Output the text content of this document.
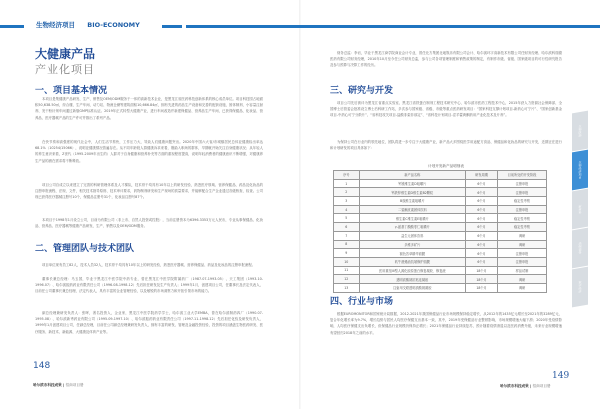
生物经济项目 BIO-ECONOMY
大健康产品
产业化项目
一、项目基本情况
本项目是集健康产品研发、生产、销售及OEM/ODM服务于一体的高新技术企业，是黑龙江省医药科技创新体系的核心成员单位。项目科技园占地面积50,638.50㎡，综合楼、生产车间、动力站、物流仓储等建筑面积10,666.84㎡，拥有先进的药品生产设备和完善的配套设施，固体制剂、小容量注射剂、发干粉针剂车间通过新版GMP标准认证。2019年正式转型大健康产业，进行车间改造并新建保健品、营养品生产车间，已获得保健品、化妆品、营养品、医疗器械产品的生产许可并推出了系列产品。
在快节奏和高强度的现代社会中，人们生活节奏快，工作压力大，导致人们健康问题突出。2020年中国六大省/市城镇居民总体亚健康检出率达68.1%（10254/15066），说明亚健康情况普遍存在。从不同年龄段人群健康诉求来看，刚踏入职场的群体，早期就开始关注自身健康状况；从年轻人的养生意识来看，Z世代（1995-2009年出生的）人群对于自身健康和营养补充等方面的重视程度提高，说明年轻消费者的健康意识不断增强，对健康养生产品的潜在需求将不断释放。
项目公司自成立以来建立了完善的科研管理体系及人才梯队，技术骨干均具有10年以上的研发经验，熟悉医疗领域、营养保健品、药品及化妆品的注册申报流程、法规、文件，相关技术指导原则、技术审评要求，药物制剂研发和生产现场的质量要求，并能够配合生产企业通过各级核查、检查。公司现已获得医疗器械注册号10个，保健品注册号31个，化妆品注册号87个。
本项目于1998年1月设立公司，目前为有限公司（非上市、自然人投资或控股），当前注册资本为6396.3353万元人民币，专业从事保健品、化妆品、营养品、医疗器械等健康产品研发、生产、销售以及OEM/ODM服务。
二、管理团队与技术团队
项目单位现有员工82人，技术人员32人，技术骨干均具有10年以上的研发经验，熟悉医疗器械、营养保健品、药品及化妆品的注册申报流程。
董事长兼总经理：马玉国，毕业于黑龙江中医学院中药专业，曾在黑龙江中医学院附属药厂（1987.07-1993.05）、天工集团（1993.10-1996.07）、哈尔滨振药药业有限责任公司（1996.08-1998.12）先后担任研发及生产负责人；1999年1月，创建项目公司，任董事长及法定代表人，目前任公司董事长兼总经理、法定代表人，具有丰富的企业管理经验，以及敏锐的市场洞察力和开拓引领市场的能力。
副总经理兼研发负责人：张晖，著名投资人，企业家，黑龙江中医学院药学学士，哈尔滨工业大学EMBA，曾在哈尔滨制药四厂（1990.07-1995.08）、哈尔滨新秀药业有限公司（1995.09-1997.10）、哈尔滨振药药业有限责任公司（1997.11-1998.12）先后担任化验及研发负责人，1999年1月创建项目公司，任副总经理，目前任公司副总经理兼研发负责人，拥有丰富的研发、管理及金融投资经验，投资的项目涵盖生物医药研发、医疗服务、新技术、新能源、大健康及体育产业等。
148
哈尔滨市科技成果 | 招商项目册
财务总监：李岩，毕业于黑龙江商学院商业会计专业，曾任北方集团北地娱乐有限公司会计、哈尔滨环宇高新技术有限公司任财务经理、哈尔滨科瑞德医药有限公司财务经理，2010年10月至今任公司财务总监，参与公司各项管理制度和销售政策的制定，有制作市级、省级、国家级项目的可行性研究报告及参与预算与决算工作的经历。
三、研究与开发
项目公司先后被评为黑龙江省重点实验室、黑龙江省铁蛋白制剂工程技术研究中心、哈尔滨市医药工程技术中心，2015年获人力资源社会保障部、全国博士后管委会批准设立博士后科研工作站，多次参与国家级、省级、市级等重点医药研发项目：“国家科技支撑计划项目-新药心可宁片”、“国家创新基金项目-中药心可宁分散片”、“省科技攻关项目-盐酸非索非那定”、“省科技计划项目-淫羊藿黄酮药用产业化技术及片剂”。
为保持公司在行业内的领先地位，团队将进一步专注于大健康产业，新产品大多围绕医学用途配方食品、保健品和化妆品的研究与开发，近期正在进行和计划研发的项目具体如下：
计划开发新产品明细表
序号	新产品名称	研发周期	目前所处的开发阶段
1	钙镁维生素D咀嚼片	6个月	注册申报
2	钙铁锌维生素D维生素B2颗粒	6个月	注册申报
3	B族维生素咀嚼片	6个月	稳定性考察
4	二氢槲皮素固体饮料	6个月	注册申报
5	维生素C维生素E咀嚼片	6个月	稳定性考察
6	γ-氨基丁酸酸枣仁咀嚼片	6个月	稳定性考察
7	益生元固体饮料	6个月	调研
8	多维多矿片	6个月	调研
9	褪色苦草精华面膜	6个月	注册申报
10	软牛酒蜡油抗皱修护面膜	6个月	注册申报
11	医用重组III型人源化胶原蛋白修复凝胶、修复液	18个月	样品试制
12	透明质酸钠抗粘连凝胶	18个月	调研
13	注射用交联透明质酸钠凝胶	18个月	调研
四、行业与市场
根据EUROMONITOR和国家统计局数据，2012-2021年我国保健品行业市场规模保持稳定增长，从2012年的1435亿元增长至2021年的3289亿元，复合年化增长率为9.7%，增长趋势与居民人均医疗保健支出基本一致，其中，2019年受保健品行业整顿影响，市场规模增速大幅下滑；2020年受疫情影响，人均医疗保健支出负增长，但保健品行业规模仍保持正增长；2021年保健品行业持续复苏，预计随着疫情消退以及医药消费升级，未来行业规模增速有望回归2018年之前的水平。
149
哈尔滨市科技成果 | 招商项目册
生物医药
生物经济项目
新材料
高端装备
数字经济
